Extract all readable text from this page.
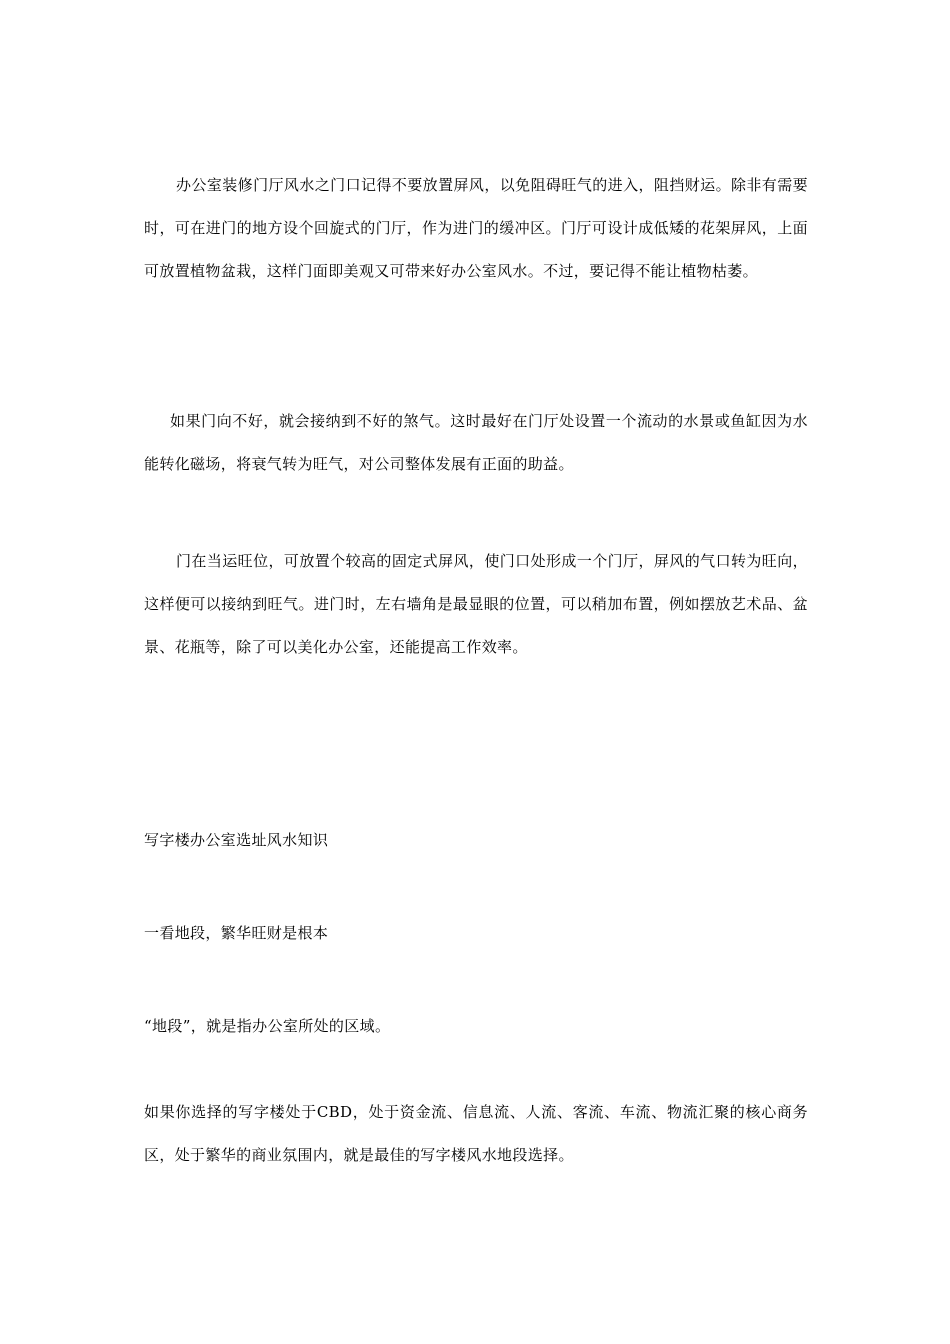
办公室装修门厅风水之门口记得不要放置屏风，以免阻碍旺气的进入，阻挡财运。除非有需要时，可在进门的地方设个回旋式的门厅，作为进门的缓冲区。门厅可设计成低矮的花架屏风，上面可放置植物盆栽，这样门面即美观又可带来好办公室风水。不过，要记得不能让植物枯萎。

如果门向不好，就会接纳到不好的煞气。这时最好在门厅处设置一个流动的水景或鱼缸因为水能转化磁场，将衰气转为旺气，对公司整体发展有正面的助益。

门在当运旺位，可放置个较高的固定式屏风，使门口处形成一个门厅，屏风的气口转为旺向，这样便可以接纳到旺气。进门时，左右墙角是最显眼的位置，可以稍加布置，例如摆放艺术品、盆景、花瓶等，除了可以美化办公室，还能提高工作效率。

写字楼办公室选址风水知识

一看地段，繁华旺财是根本

“地段”，就是指办公室所处的区域。

如果你选择的写字楼处于CBD，处于资金流、信息流、人流、客流、车流、物流汇聚的核心商务区，处于繁华的商业氛围内，就是最佳的写字楼风水地段选择。
